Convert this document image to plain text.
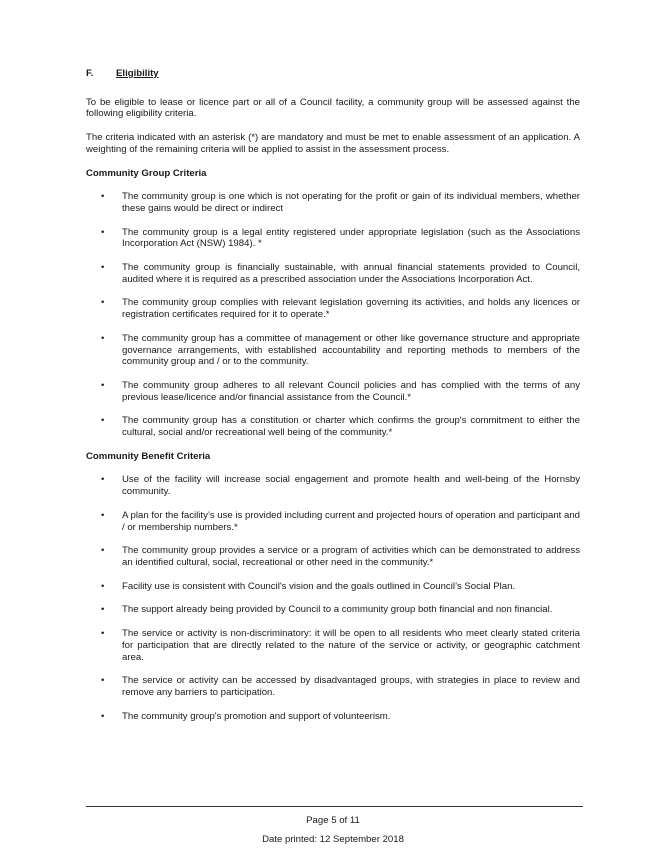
F. Eligibility

To be eligible to lease or licence part or all of a Council facility, a community group will be assessed against the following eligibility criteria.

The criteria indicated with an asterisk (*) are mandatory and must be met to enable assessment of an application. A weighting of the remaining criteria will be applied to assist in the assessment process.

Community Group Criteria

• The community group is one which is not operating for the profit or gain of its individual members, whether these gains would be direct or indirect
• The community group is a legal entity registered under appropriate legislation (such as the Associations Incorporation Act (NSW) 1984). *
• The community group is financially sustainable, with annual financial statements provided to Council, audited where it is required as a prescribed association under the Associations Incorporation Act.
• The community group complies with relevant legislation governing its activities, and holds any licences or registration certificates required for it to operate.*
• The community group has a committee of management or other like governance structure and appropriate governance arrangements, with established accountability and reporting methods to members of the community group and / or to the community.
• The community group adheres to all relevant Council policies and has complied with the terms of any previous lease/licence and/or financial assistance from the Council.*
• The community group has a constitution or charter which confirms the group's commitment to either the cultural, social and/or recreational well being of the community.*

Community Benefit Criteria

• Use of the facility will increase social engagement and promote health and well-being of the Hornsby community.
• A plan for the facility’s use is provided including current and projected hours of operation and participant and / or membership numbers.*
• The community group provides a service or a program of activities which can be demonstrated to address an identified cultural, social, recreational or other need in the community.*
• Facility use is consistent with Council's vision and the goals outlined in Council’s Social Plan.
• The support already being provided by Council to a community group both financial and non financial.
• The service or activity is non-discriminatory: it will be open to all residents who meet clearly stated criteria for participation that are directly related to the nature of the service or activity, or geographic catchment area.
• The service or activity can be accessed by disadvantaged groups, with strategies in place to review and remove any barriers to participation.
• The community group's promotion and support of volunteerism.
Page 5 of 11
Date printed: 12 September 2018
